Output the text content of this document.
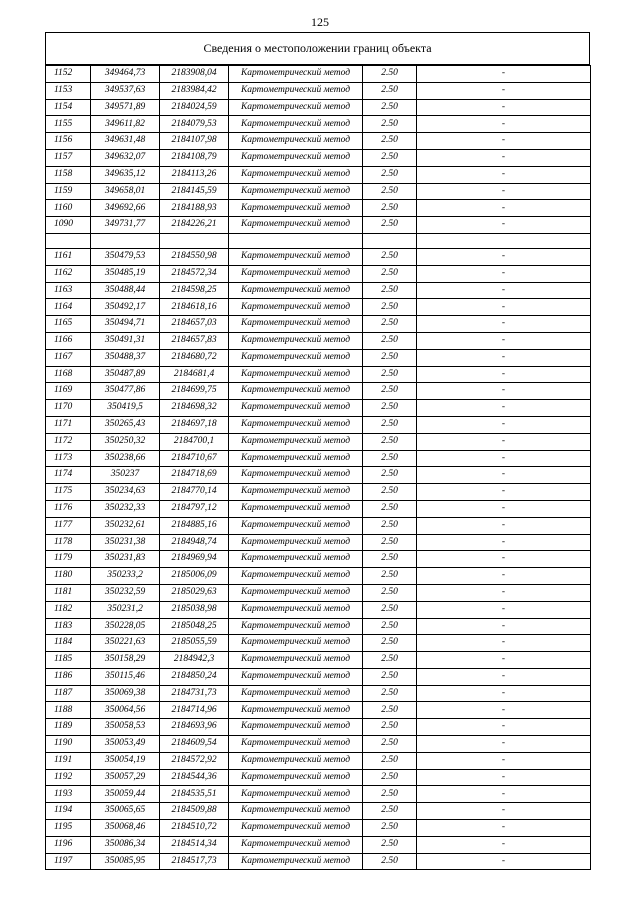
125
Сведения о местоположении границ объекта
1152	349464,73	2183908,04	Картометрический метод	2.50	-
1153	349537,63	2183984,42	Картометрический метод	2.50	-
1154	349571,89	2184024,59	Картометрический метод	2.50	-
1155	349611,82	2184079,53	Картометрический метод	2.50	-
1156	349631,48	2184107,98	Картометрический метод	2.50	-
1157	349632,07	2184108,79	Картометрический метод	2.50	-
1158	349635,12	2184113,26	Картометрический метод	2.50	-
1159	349658,01	2184145,59	Картометрический метод	2.50	-
1160	349692,66	2184188,93	Картометрический метод	2.50	-
1090	349731,77	2184226,21	Картометрический метод	2.50	-

1161	350479,53	2184550,98	Картометрический метод	2.50	-
1162	350485,19	2184572,34	Картометрический метод	2.50	-
1163	350488,44	2184598,25	Картометрический метод	2.50	-
1164	350492,17	2184618,16	Картометрический метод	2.50	-
1165	350494,71	2184657,03	Картометрический метод	2.50	-
1166	350491,31	2184657,83	Картометрический метод	2.50	-
1167	350488,37	2184680,72	Картометрический метод	2.50	-
1168	350487,89	2184681,4	Картометрический метод	2.50	-
1169	350477,86	2184699,75	Картометрический метод	2.50	-
1170	350419,5	2184698,32	Картометрический метод	2.50	-
1171	350265,43	2184697,18	Картометрический метод	2.50	-
1172	350250,32	2184700,1	Картометрический метод	2.50	-
1173	350238,66	2184710,67	Картометрический метод	2.50	-
1174	350237	2184718,69	Картометрический метод	2.50	-
1175	350234,63	2184770,14	Картометрический метод	2.50	-
1176	350232,33	2184797,12	Картометрический метод	2.50	-
1177	350232,61	2184885,16	Картометрический метод	2.50	-
1178	350231,38	2184948,74	Картометрический метод	2.50	-
1179	350231,83	2184969,94	Картометрический метод	2.50	-
1180	350233,2	2185006,09	Картометрический метод	2.50	-
1181	350232,59	2185029,63	Картометрический метод	2.50	-
1182	350231,2	2185038,98	Картометрический метод	2.50	-
1183	350228,05	2185048,25	Картометрический метод	2.50	-
1184	350221,63	2185055,59	Картометрический метод	2.50	-
1185	350158,29	2184942,3	Картометрический метод	2.50	-
1186	350115,46	2184850,24	Картометрический метод	2.50	-
1187	350069,38	2184731,73	Картометрический метод	2.50	-
1188	350064,56	2184714,96	Картометрический метод	2.50	-
1189	350058,53	2184693,96	Картометрический метод	2.50	-
1190	350053,49	2184609,54	Картометрический метод	2.50	-
1191	350054,19	2184572,92	Картометрический метод	2.50	-
1192	350057,29	2184544,36	Картометрический метод	2.50	-
1193	350059,44	2184535,51	Картометрический метод	2.50	-
1194	350065,65	2184509,88	Картометрический метод	2.50	-
1195	350068,46	2184510,72	Картометрический метод	2.50	-
1196	350086,34	2184514,34	Картометрический метод	2.50	-
1197	350085,95	2184517,73	Картометрический метод	2.50	-
